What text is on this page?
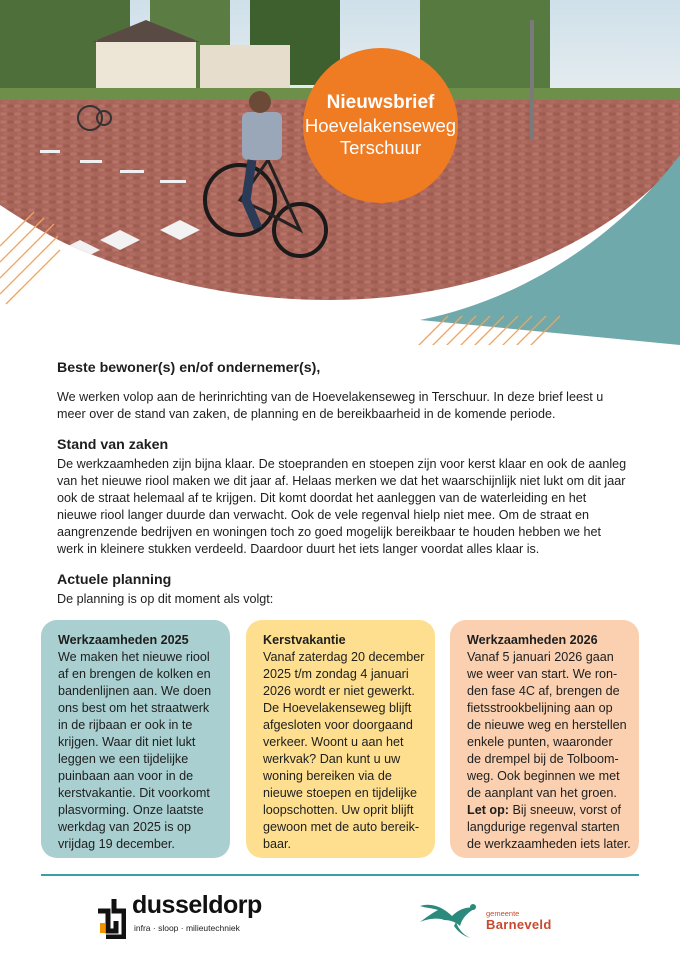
Nieuwsbrief
Hoevelakenseweg
Terschuur
Beste bewoner(s) en/of ondernemer(s),

We werken volop aan de herinrichting van de Hoevelakenseweg in Terschuur. In deze brief leest u meer over de stand van zaken, de planning en de bereikbaarheid in de komende periode.

Stand van zaken

De werkzaamheden zijn bijna klaar. De stoepranden en stoepen zijn voor kerst klaar en ook de aanleg van het nieuwe riool maken we dit jaar af. Helaas merken we dat het waarschijnlijk niet lukt om dit jaar ook de straat helemaal af te krijgen. Dit komt doordat het aanleggen van de waterleiding en het nieuwe riool langer duurde dan verwacht. Ook de vele regenval hielp niet mee. Om de straat en aangrenzende bedrijven en woningen toch zo goed mogelijk bereikbaar te houden hebben we het werk in kleinere stukken verdeeld. Daardoor duurt het iets langer voordat alles klaar is.

Actuele planning

De planning is op dit moment als volgt:

Werkzaamheden 2025
We maken het nieuwe riool
af en brengen de kolken en
bandenlijnen aan. We doen
ons best om het straatwerk
in de rijbaan er ook in te
krijgen. Waar dit niet lukt
leggen we een tijdelijke
puinbaan aan voor in de
kerstvakantie. Dit voorkomt
plasvorming. Onze laatste
werkdag van 2025 is op
vrijdag 19 december.
Kerstvakantie
Vanaf zaterdag 20 december
2025 t/m zondag 4 januari
2026 wordt er niet gewerkt.
De Hoevelakenseweg blijft
afgesloten voor doorgaand
verkeer. Woont u aan het
werkvak? Dan kunt u uw
woning bereiken via de
nieuwe stoepen en tijdelijke
loopschotten. Uw oprit blijft
gewoon met de auto bereik-
baar.
Werkzaamheden 2026
Vanaf 5 januari 2026 gaan
we weer van start. We ron-
den fase 4C af, brengen de
fietsstrookbelijning aan op
de nieuwe weg en herstellen
enkele punten, waaronder
de drempel bij de Tolboom-
weg. Ook beginnen we met
de aanplant van het groen.
Let op: Bij sneeuw, vorst of
langdurige regenval starten
de werkzaamheden iets later.
dusseldorp
infra · sloop · milieutechniek
gemeente
Barneveld
